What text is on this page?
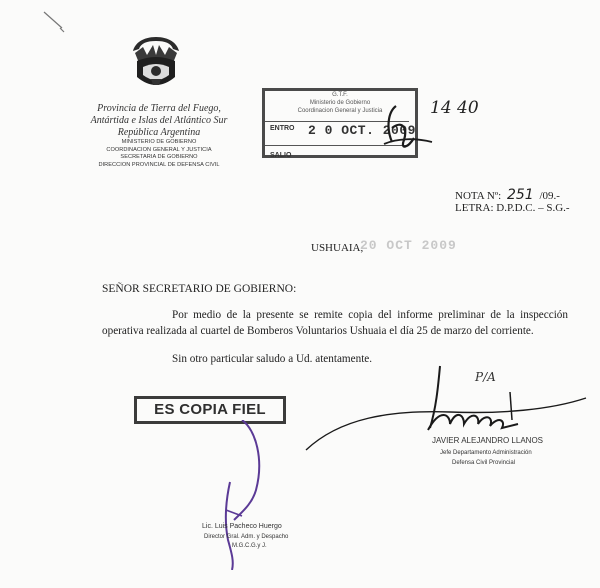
Provincia de Tierra del Fuego,
Antártida e Islas del Atlántico Sur
República Argentina
MINISTERIO DE GOBIERNO
COORDINACION GENERAL Y JUSTICIA
SECRETARIA DE GOBIERNO
DIRECCION PROVINCIAL DE DEFENSA CIVIL
G.T.F.
Ministerio de Gobierno
Coordinacion General y Justicia
ENTRO 2 0 OCT. 2009
SALIO
14 40
NOTA Nº: 251 /09.-
LETRA: D.P.D.C. – S.G.-
USHUAIA,
20 OCT 2009
SEÑOR SECRETARIO DE GOBIERNO:
Por medio de la presente se remite copia del informe preliminar de la inspección operativa realizada al cuartel de Bomberos Voluntarios Ushuaia el día 25 de marzo del corriente.
Sin otro particular saludo a Ud. atentamente.
ES COPIA FIEL
P/A
JAVIER ALEJANDRO LLANOS
Jefe Departamento Administración
Defensa Civil Provincial
Lic. Luis Pacheco Huergo
Director Gral. Adm. y Despacho
M.G.C.G.y J.
